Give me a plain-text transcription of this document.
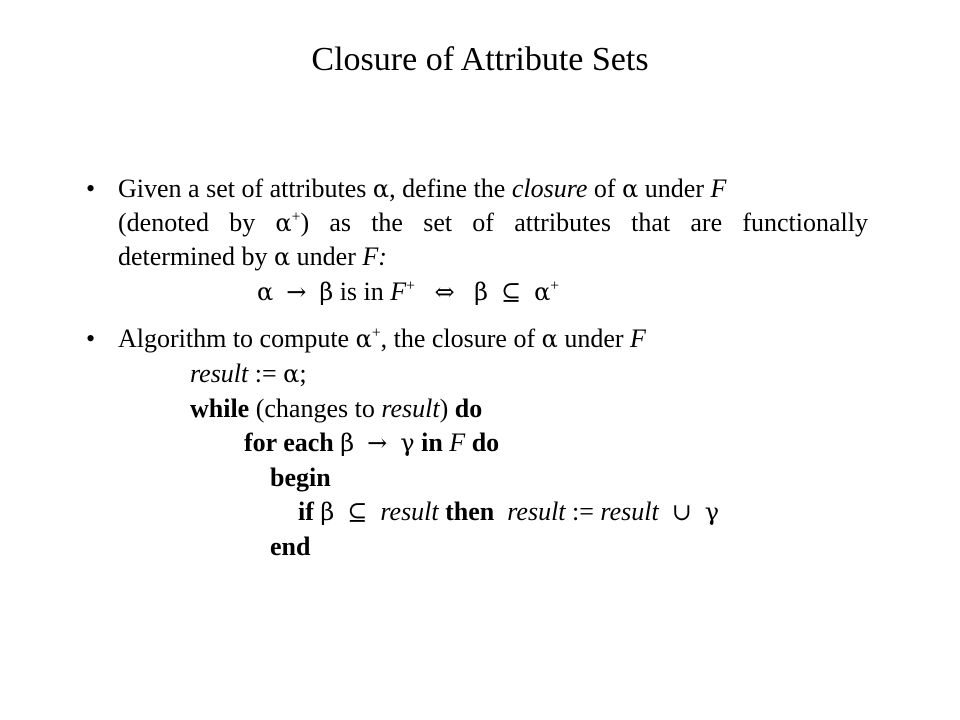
Closure of Attribute Sets
• Given a set of attributes α, define the closure of α under F
(denoted by α+) as the set of attributes that are functionally
determined by α under F:
α → β is in F+ ⇔ β ⊆ α+
• Algorithm to compute α+, the closure of α under F
result := α;
while (changes to result) do
for each β → γ in F do
begin
if β ⊆ result then  result := result ∪ γ
end
